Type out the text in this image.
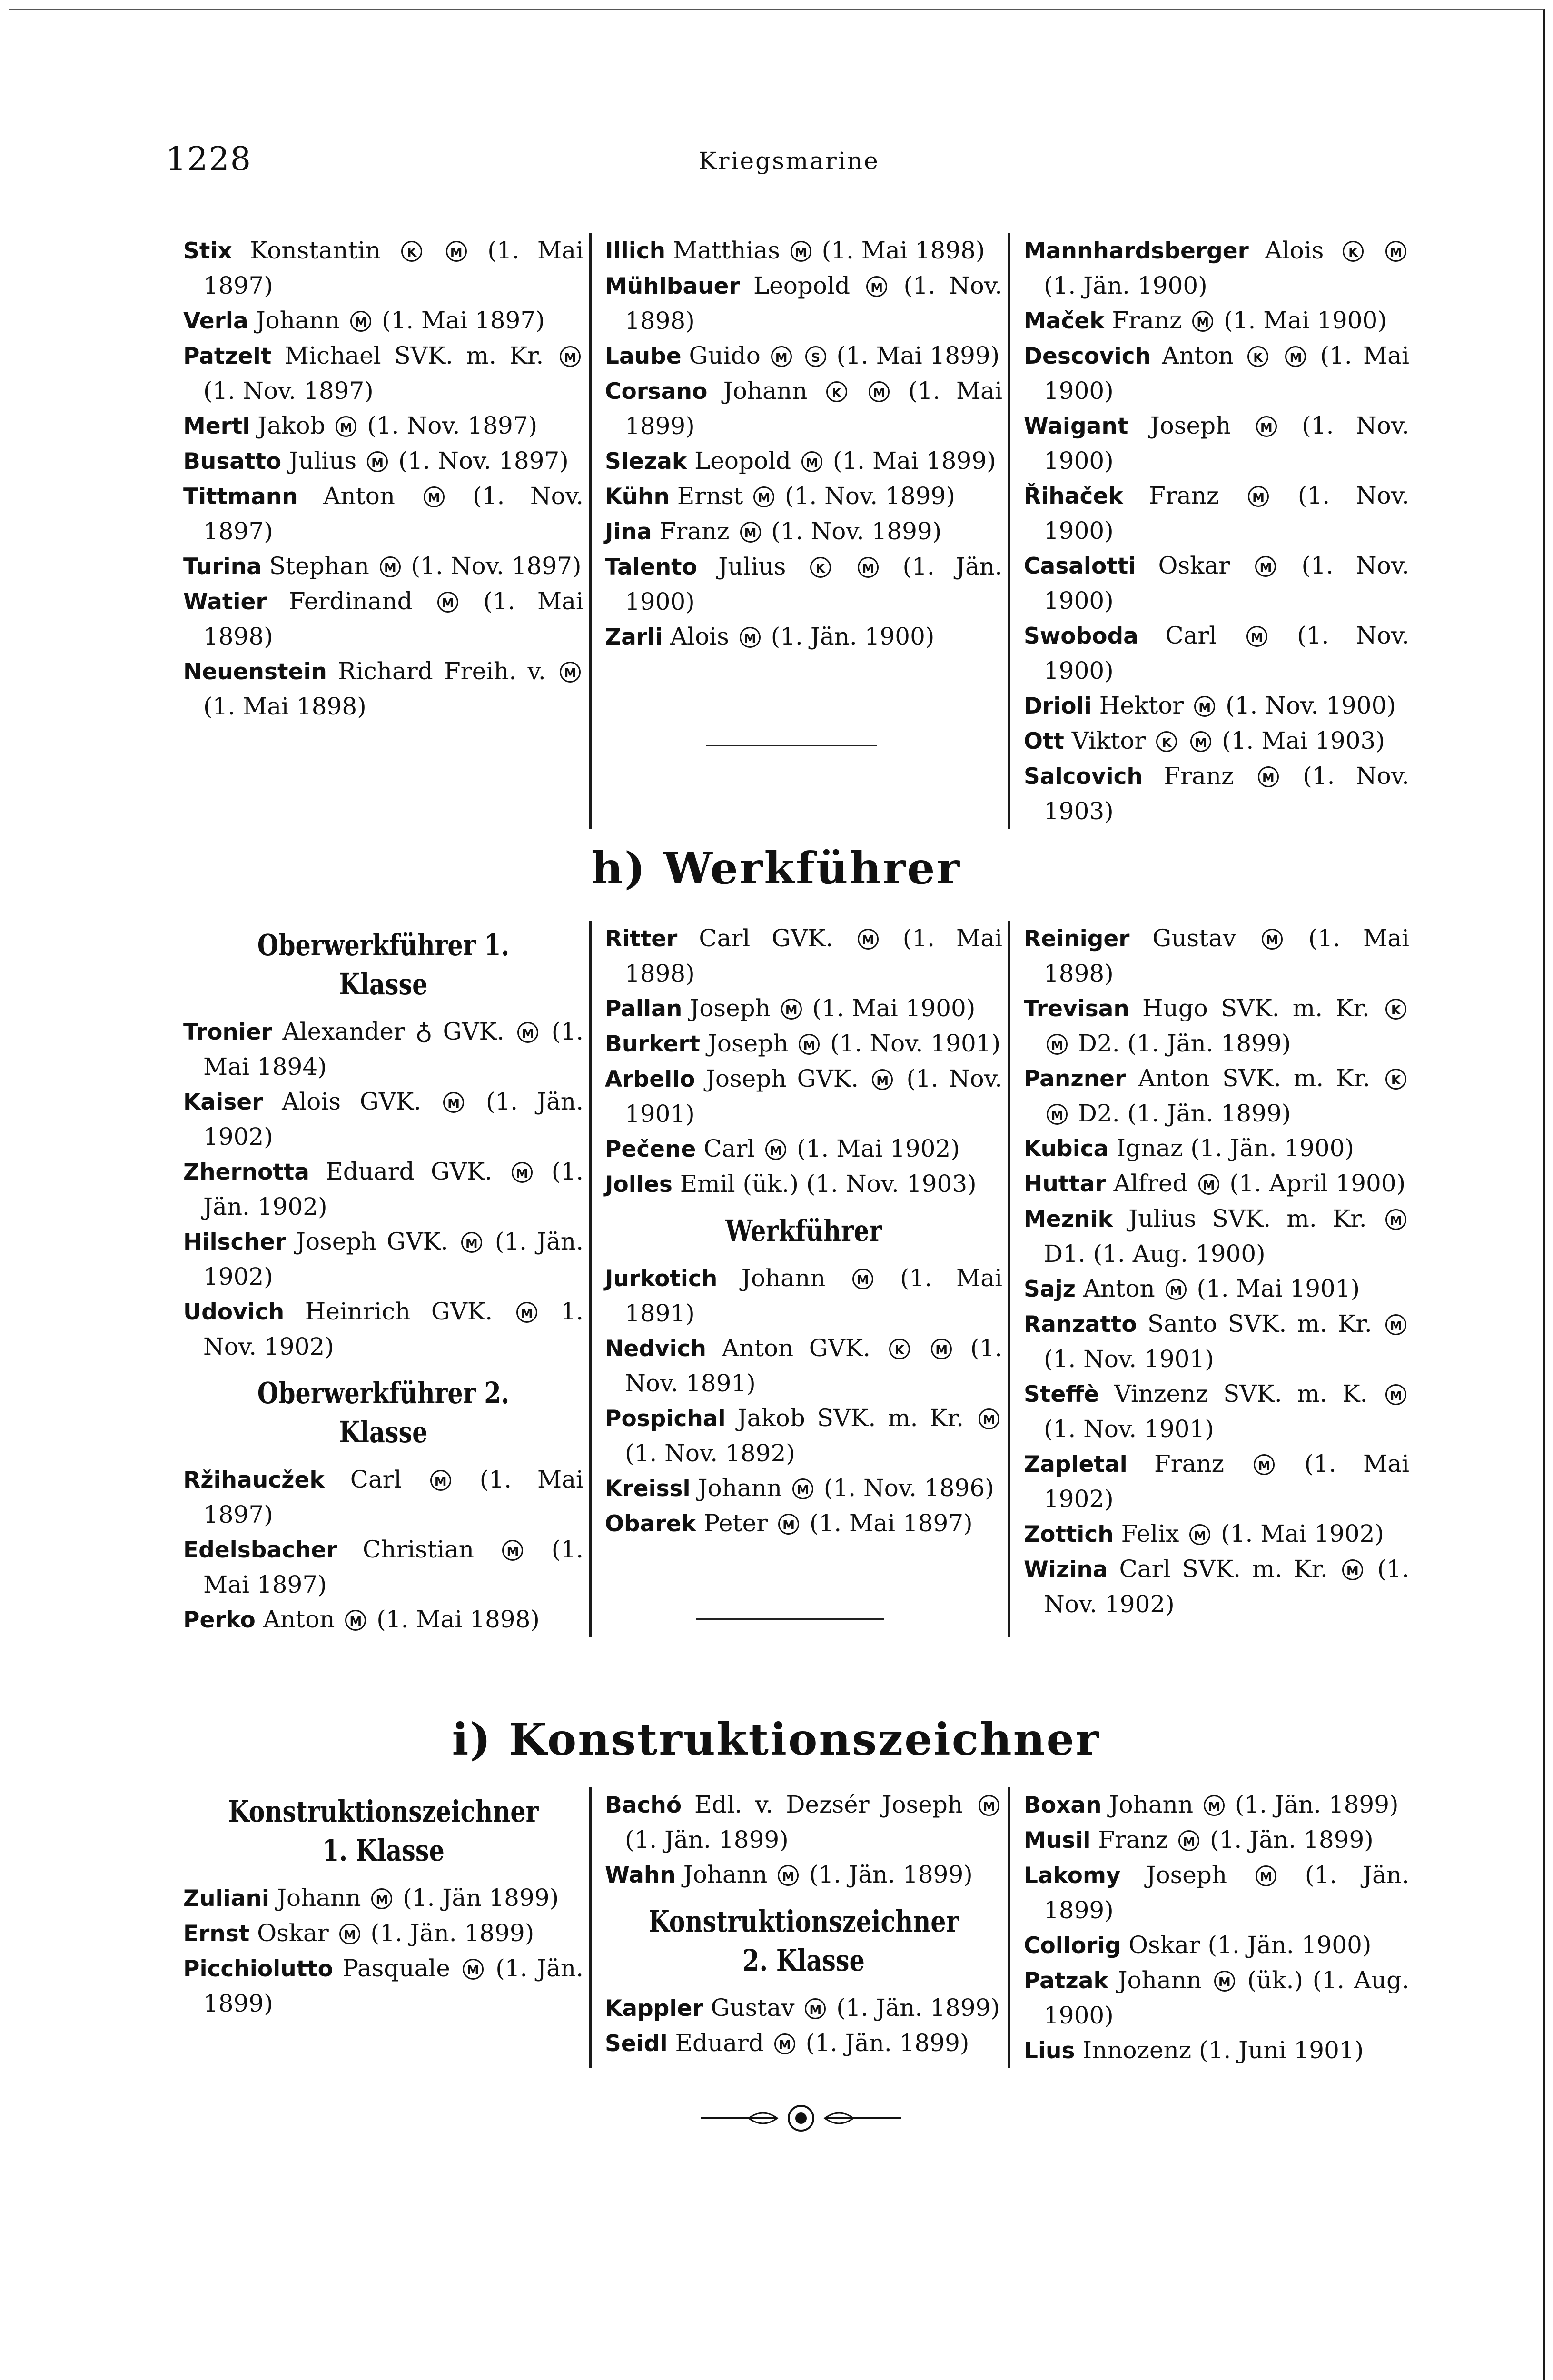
1228	Kriegsmarine
Stix Konstantin K	M (1. Mai 1897)
Verla Johann M (1. Mai 1897)
Patzelt Michael SVK. m. Kr. M (1. Nov. 1897)
Mertl Jakob M (1. Nov. 1897)
Busatto Julius M (1. Nov. 1897)
Tittmann Anton M (1. Nov. 1897)
Turina Stephan M (1. Nov. 1897)
Watier Ferdinand M (1. Mai 1898)
Neuenstein Richard Freih. v. M (1. Mai 1898)
Illich Matthias M (1. Mai 1898)
Mühlbauer Leopold M (1. Nov. 1898)
Laube Guido M S (1. Mai 1899)
Corsano Johann K	M (1. Mai 1899)
Slezak Leopold M (1. Mai 1899)
Kühn Ernst M (1. Nov. 1899)
Jina Franz M (1. Nov. 1899)
Talento Julius K	M (1. Jän. 1900)
Zarli Alois M (1. Jän. 1900)
Mannhardsberger Alois K	M (1. Jän. 1900)
Maček Franz M (1. Mai 1900)
Descovich Anton K M (1. Mai 1900)
Waigant Joseph M (1. Nov. 1900)
Řihaček Franz M (1. Nov. 1900)
Casalotti Oskar M (1. Nov. 1900)
Swoboda Carl M (1. Nov. 1900)
Drioli Hektor M (1. Nov. 1900)
Ott Viktor K M (1. Mai 1903)
Salcovich Franz M (1. Nov. 1903)
h) Werkführer
Oberwerkführer 1. Klasse
Tronier Alexander ♁ GVK. M (1. Mai 1894)
Kaiser Alois GVK. M (1. Jän. 1902)
Zhernotta Eduard GVK. M (1. Jän. 1902)
Hilscher Joseph GVK. M (1. Jän. 1902)
Udovich Heinrich GVK. M 1. Nov. 1902)
Oberwerkführer 2. Klasse
Ržihaucžek Carl M (1. Mai 1897)
Edelsbacher Christian M (1. Mai 1897)
Perko Anton M (1. Mai 1898)
Ritter Carl GVK. M (1. Mai 1898)
Pallan Joseph M (1. Mai 1900)
Burkert Joseph M (1. Nov. 1901)
Arbello Joseph GVK. M (1. Nov. 1901)
Pečene Carl M (1. Mai 1902)
Jolles Emil (ük.) (1. Nov. 1903)
Werkführer
Jurkotich Johann M (1. Mai 1891)
Nedvich Anton GVK. K	M (1. Nov. 1891)
Pospichal Jakob SVK. m. Kr. M (1. Nov. 1892)
Kreissl Johann M (1. Nov. 1896)
Obarek Peter M (1. Mai 1897)
Reiniger Gustav M (1. Mai 1898)
Trevisan Hugo SVK. m. Kr. K M D2. (1. Jän. 1899)
Panzner Anton SVK. m. Kr. K M D2. (1. Jän. 1899)
Kubica Ignaz (1. Jän. 1900)
Huttar Alfred M (1. April 1900)
Meznik Julius SVK. m. Kr. M D1. (1. Aug. 1900)
Sajz Anton M (1. Mai 1901)
Ranzatto Santo SVK. m. Kr. M (1. Nov. 1901)
Steffè Vinzenz SVK. m. K. M (1. Nov. 1901)
Zapletal Franz M (1. Mai 1902)
Zottich Felix M (1. Mai 1902)
Wizina Carl SVK. m. Kr. M (1. Nov. 1902)
i) Konstruktionszeichner
Konstruktionszeichner
1. Klasse
Zuliani Johann M (1. Jän 1899)
Ernst Oskar M (1. Jän. 1899)
Picchiolutto Pasquale M (1. Jän. 1899)
Bachó Edl. v. Dezsér Joseph M (1. Jän. 1899)
Wahn Johann M (1. Jän. 1899)
Konstruktionszeichner
2. Klasse
Kappler Gustav M (1. Jän. 1899)
Seidl Eduard M (1. Jän. 1899)
Boxan Johann M (1. Jän. 1899)
Musil Franz M (1. Jän. 1899)
Lakomy Joseph M (1. Jän. 1899)
Collorig Oskar (1. Jän. 1900)
Patzak Johann M (ük.) (1. Aug. 1900)
Lius Innozenz (1. Juni 1901)
